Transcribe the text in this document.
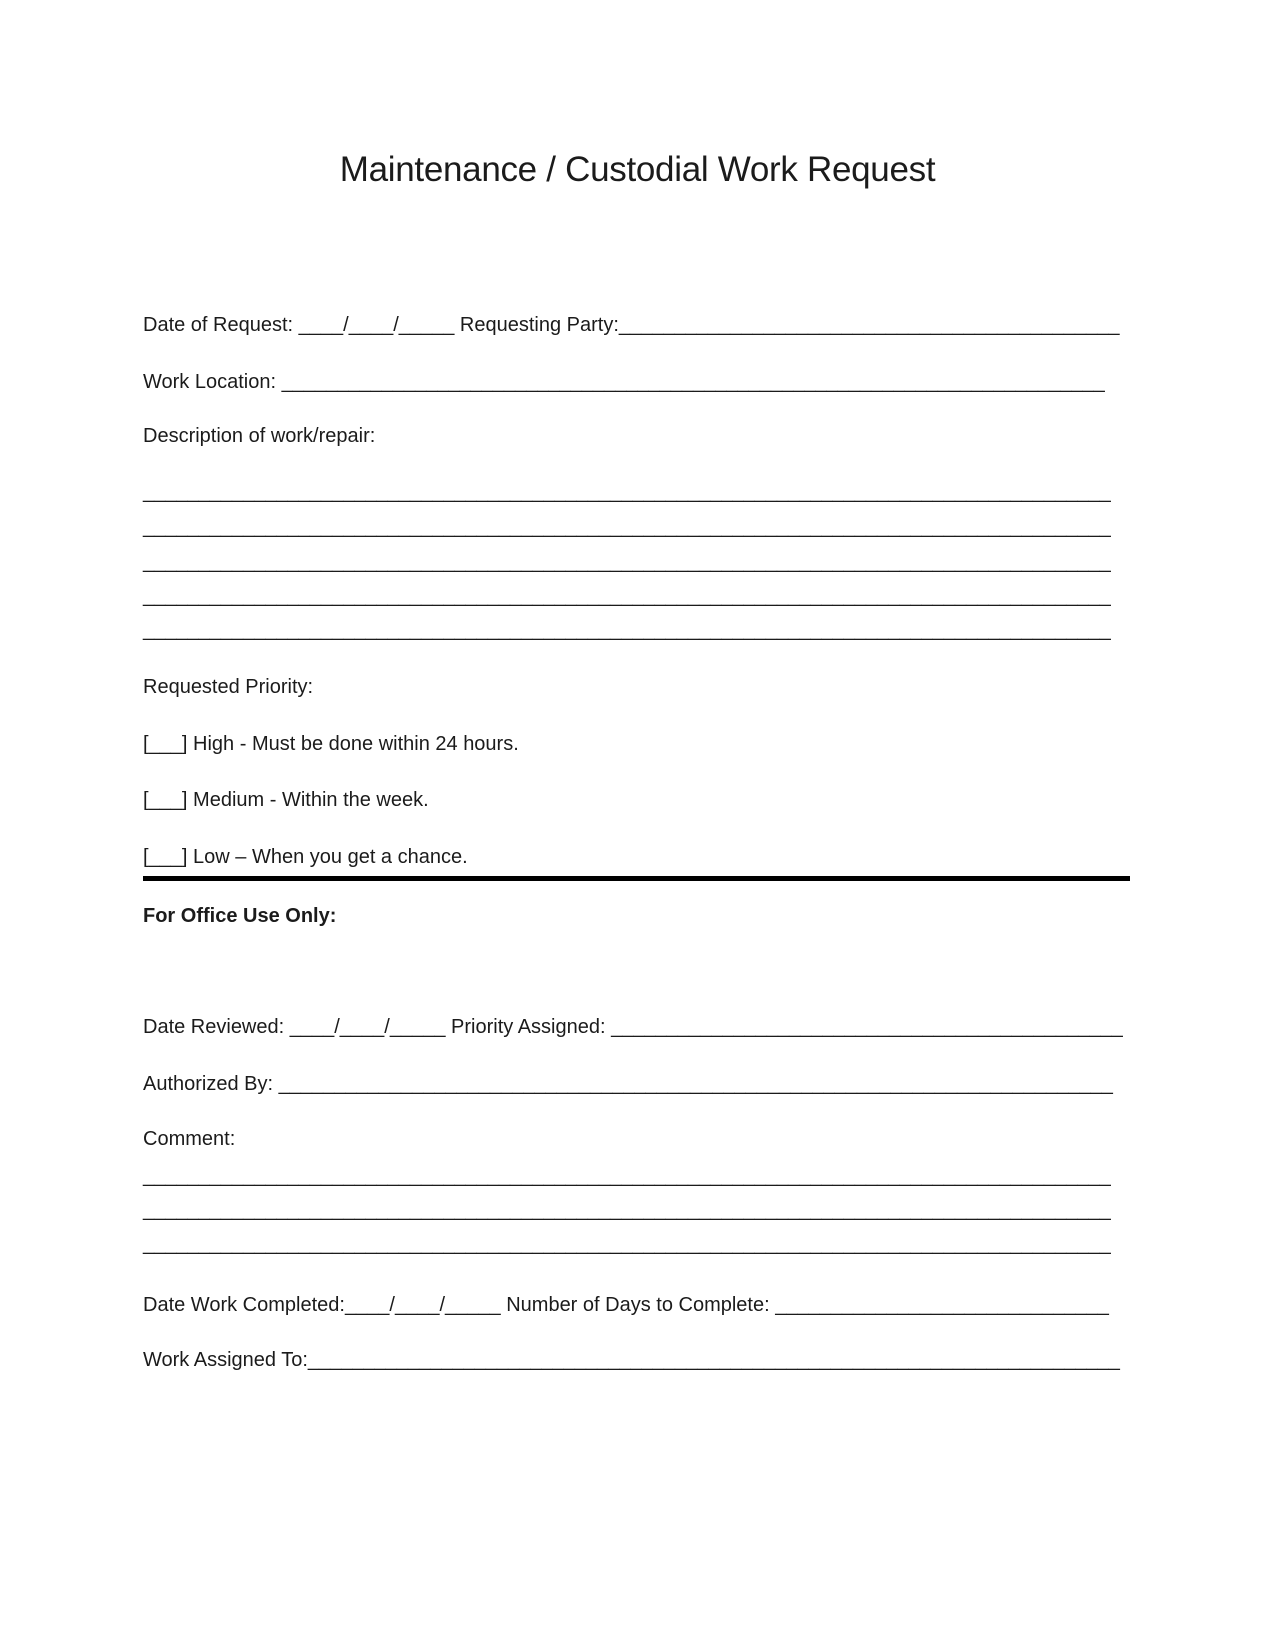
Maintenance / Custodial Work Request
Date of Request: ____/____/_____ Requesting Party:_____________________________________________
Work Location: __________________________________________________________________________
Description of work/repair:
_______________________________________________________________________________________
_______________________________________________________________________________________
_______________________________________________________________________________________
_______________________________________________________________________________________
_______________________________________________________________________________________
Requested Priority:
[___] High - Must be done within 24 hours.
[___] Medium - Within the week.
[___] Low – When you get a chance.
For Office Use Only:
Date Reviewed: ____/____/_____ Priority Assigned: ______________________________________________
Authorized By: ___________________________________________________________________________
Comment:
_______________________________________________________________________________________
_______________________________________________________________________________________
_______________________________________________________________________________________
Date Work Completed:____/____/_____ Number of Days to Complete: ______________________________
Work Assigned To:_________________________________________________________________________
